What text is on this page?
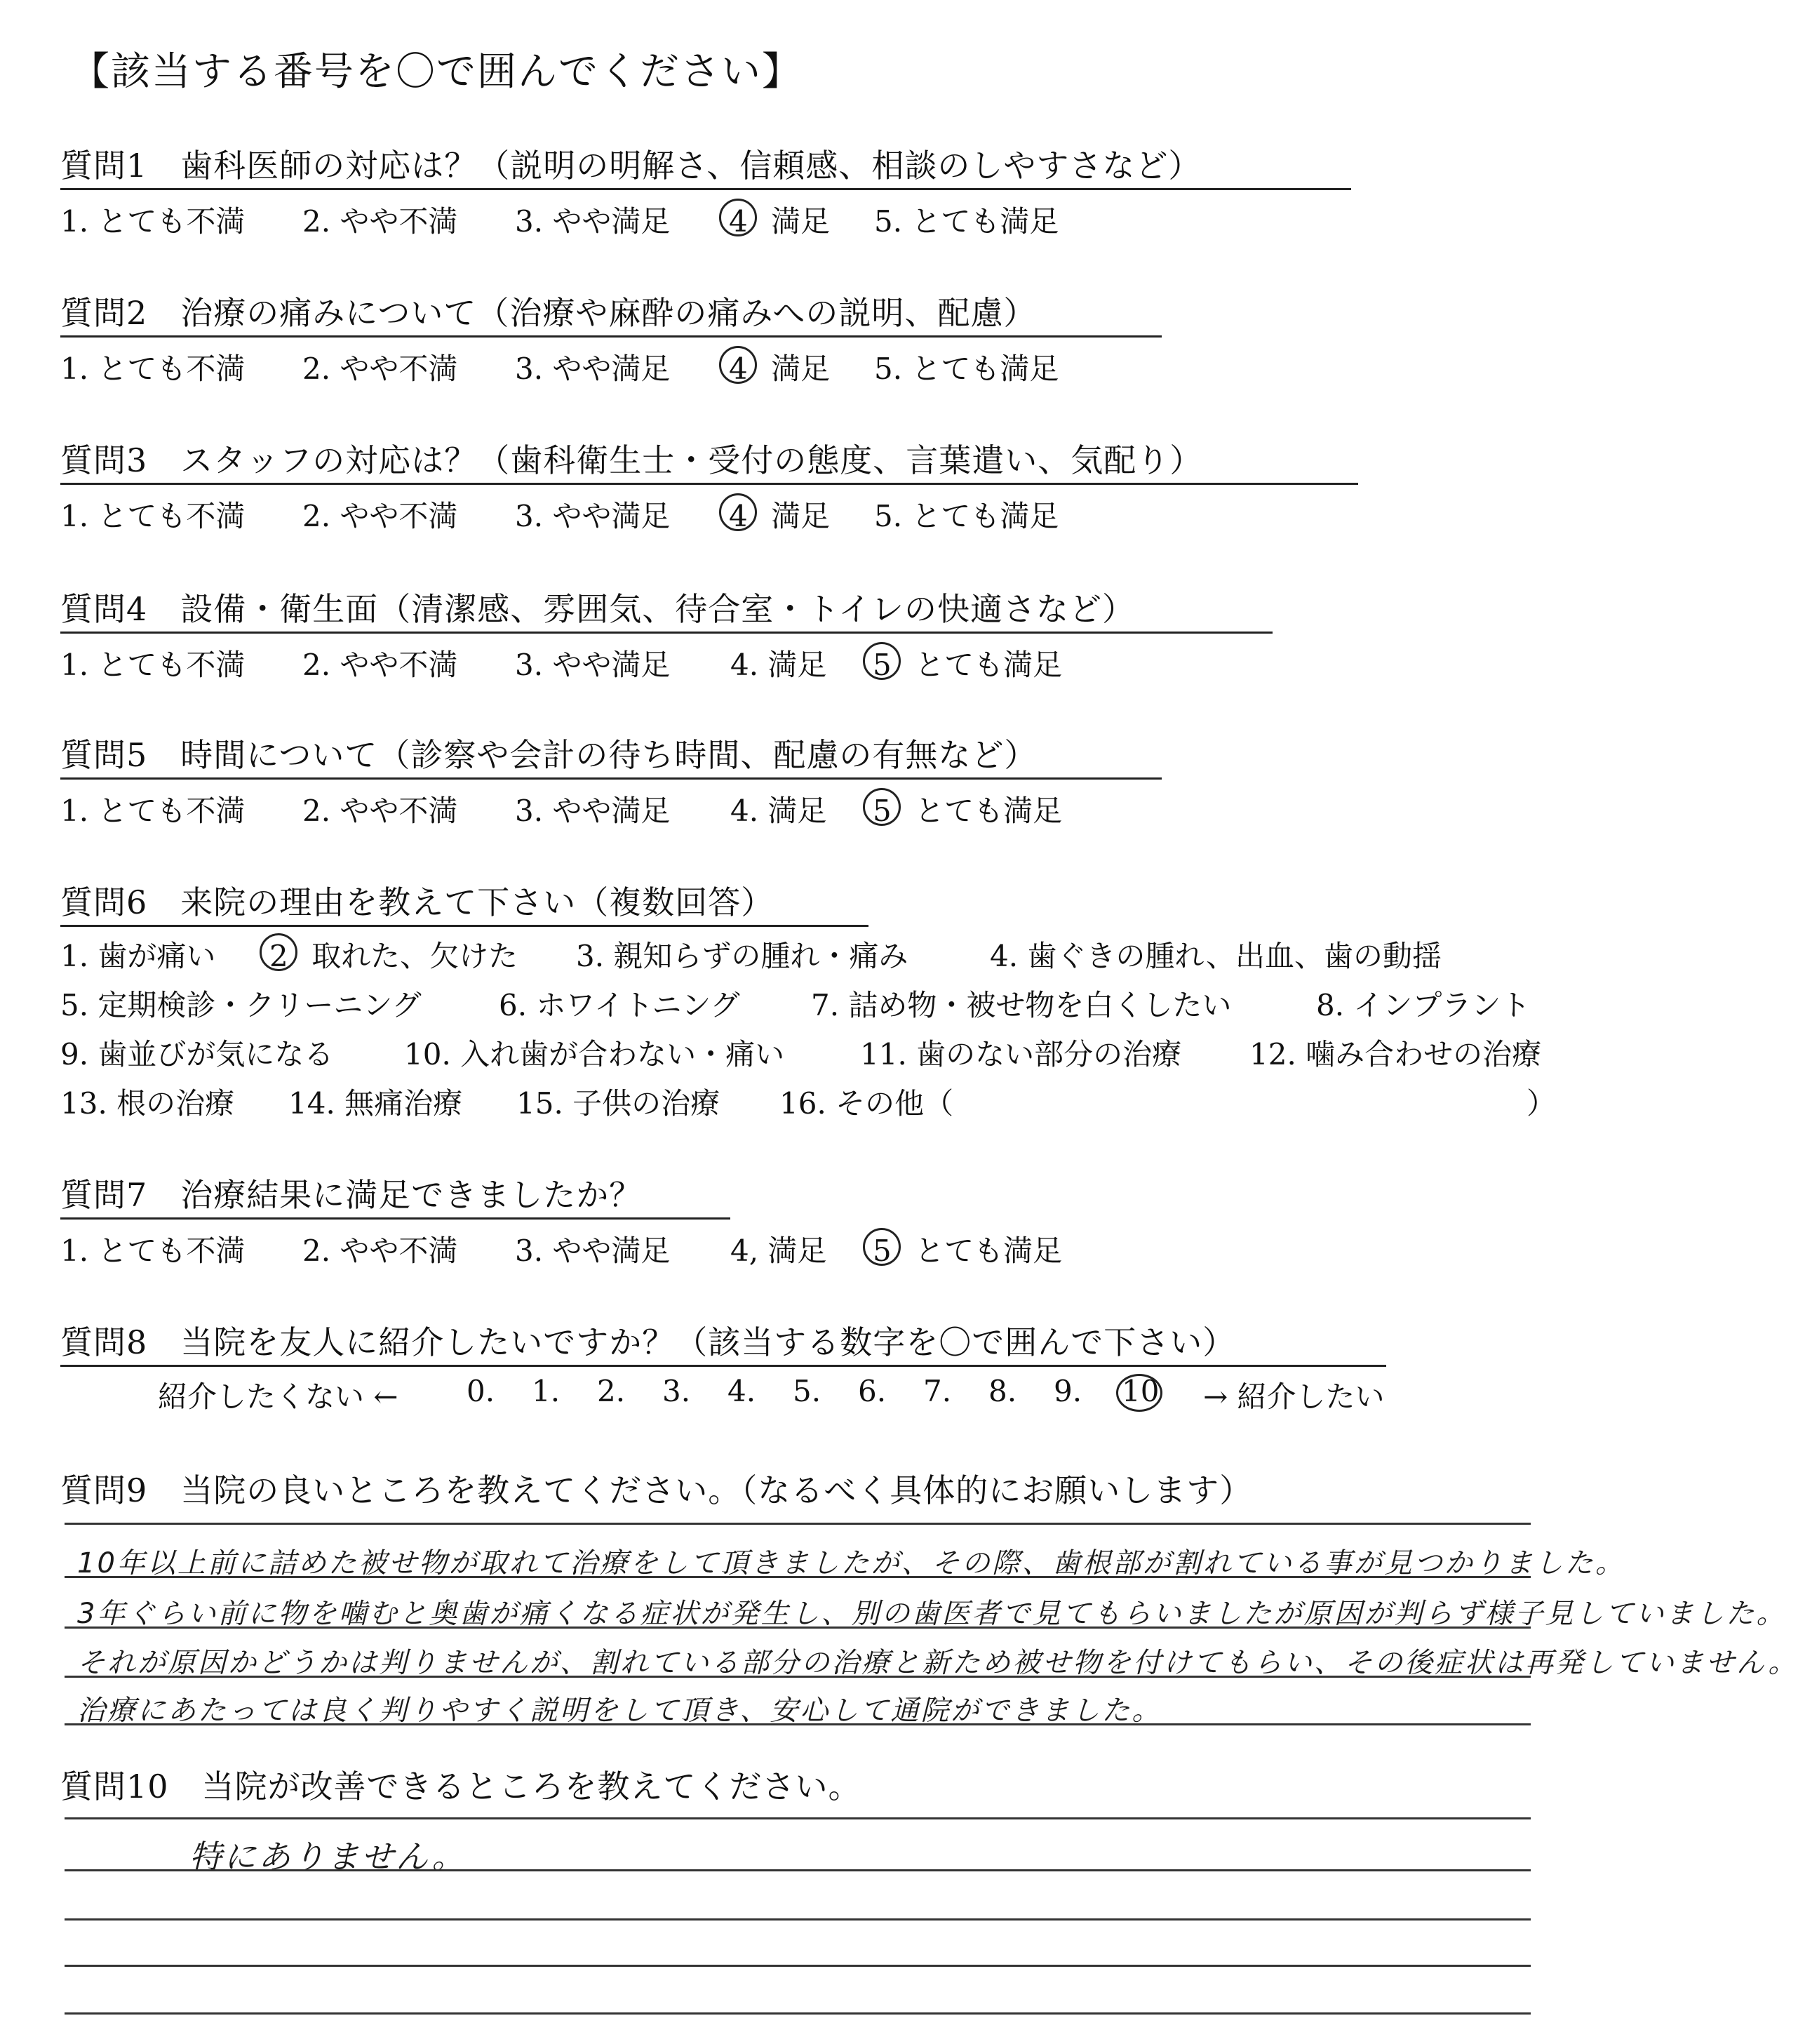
【該当する番号を〇で囲んでください】
質問1　歯科医師の対応は？（説明の明解さ、信頼感、相談のしやすさなど）
1. とても不満 2. やや不満 3. やや満足 4 満足 5. とても満足
質問2　治療の痛みについて（治療や麻酔の痛みへの説明、配慮）
1. とても不満 2. やや不満 3. やや満足 4 満足 5. とても満足
質問3　スタッフの対応は？（歯科衛生士・受付の態度、言葉遣い、気配り）
1. とても不満 2. やや不満 3. やや満足 4 満足 5. とても満足
質問4　設備・衛生面（清潔感、雰囲気、待合室・トイレの快適さなど）
1. とても不満 2. やや不満 3. やや満足 4. 満足 5 とても満足
質問5　時間について（診察や会計の待ち時間、配慮の有無など）
1. とても不満 2. やや不満 3. やや満足 4. 満足 5 とても満足
質問6　来院の理由を教えて下さい（複数回答）
1. 歯が痛い 2 取れた、欠けた 3. 親知らずの腫れ・痛み	4. 歯ぐきの腫れ、出血、歯の動揺
5. 定期検診・クリーニング	6. ホワイトニング 7. 詰め物・被せ物を白くしたい	8. インプラント
9. 歯並びが気になる 10. 入れ歯が合わない・痛い	11. 歯のない部分の治療 12. 噛み合わせの治療
13. 根の治療 14. 無痛治療 15. 子供の治療 16. その他（	）
質問7　治療結果に満足できましたか？
1. とても不満 2. やや不満 3. やや満足 4, 満足 5 とても満足
質問8　当院を友人に紹介したいですか？（該当する数字を〇で囲んで下さい）
紹介したくない ← 0. 1. 2. 3. 4. 5. 6. 7. 8. 9. 10 → 紹介したい
質問9　当院の良いところを教えてください。（なるべく具体的にお願いします）
10年以上前に詰めた被せ物が取れて治療をして頂きましたが、その際、歯根部が割れている事が見つかりました。
3年ぐらい前に物を噛むと奥歯が痛くなる症状が発生し、別の歯医者で見てもらいましたが原因が判らず様子見していました。
それが原因かどうかは判りませんが、割れている部分の治療と新ため被せ物を付けてもらい、その後症状は再発していません。
治療にあたっては良く判りやすく説明をして頂き、安心して通院ができました。
質問10　当院が改善できるところを教えてください。
特にありません。
